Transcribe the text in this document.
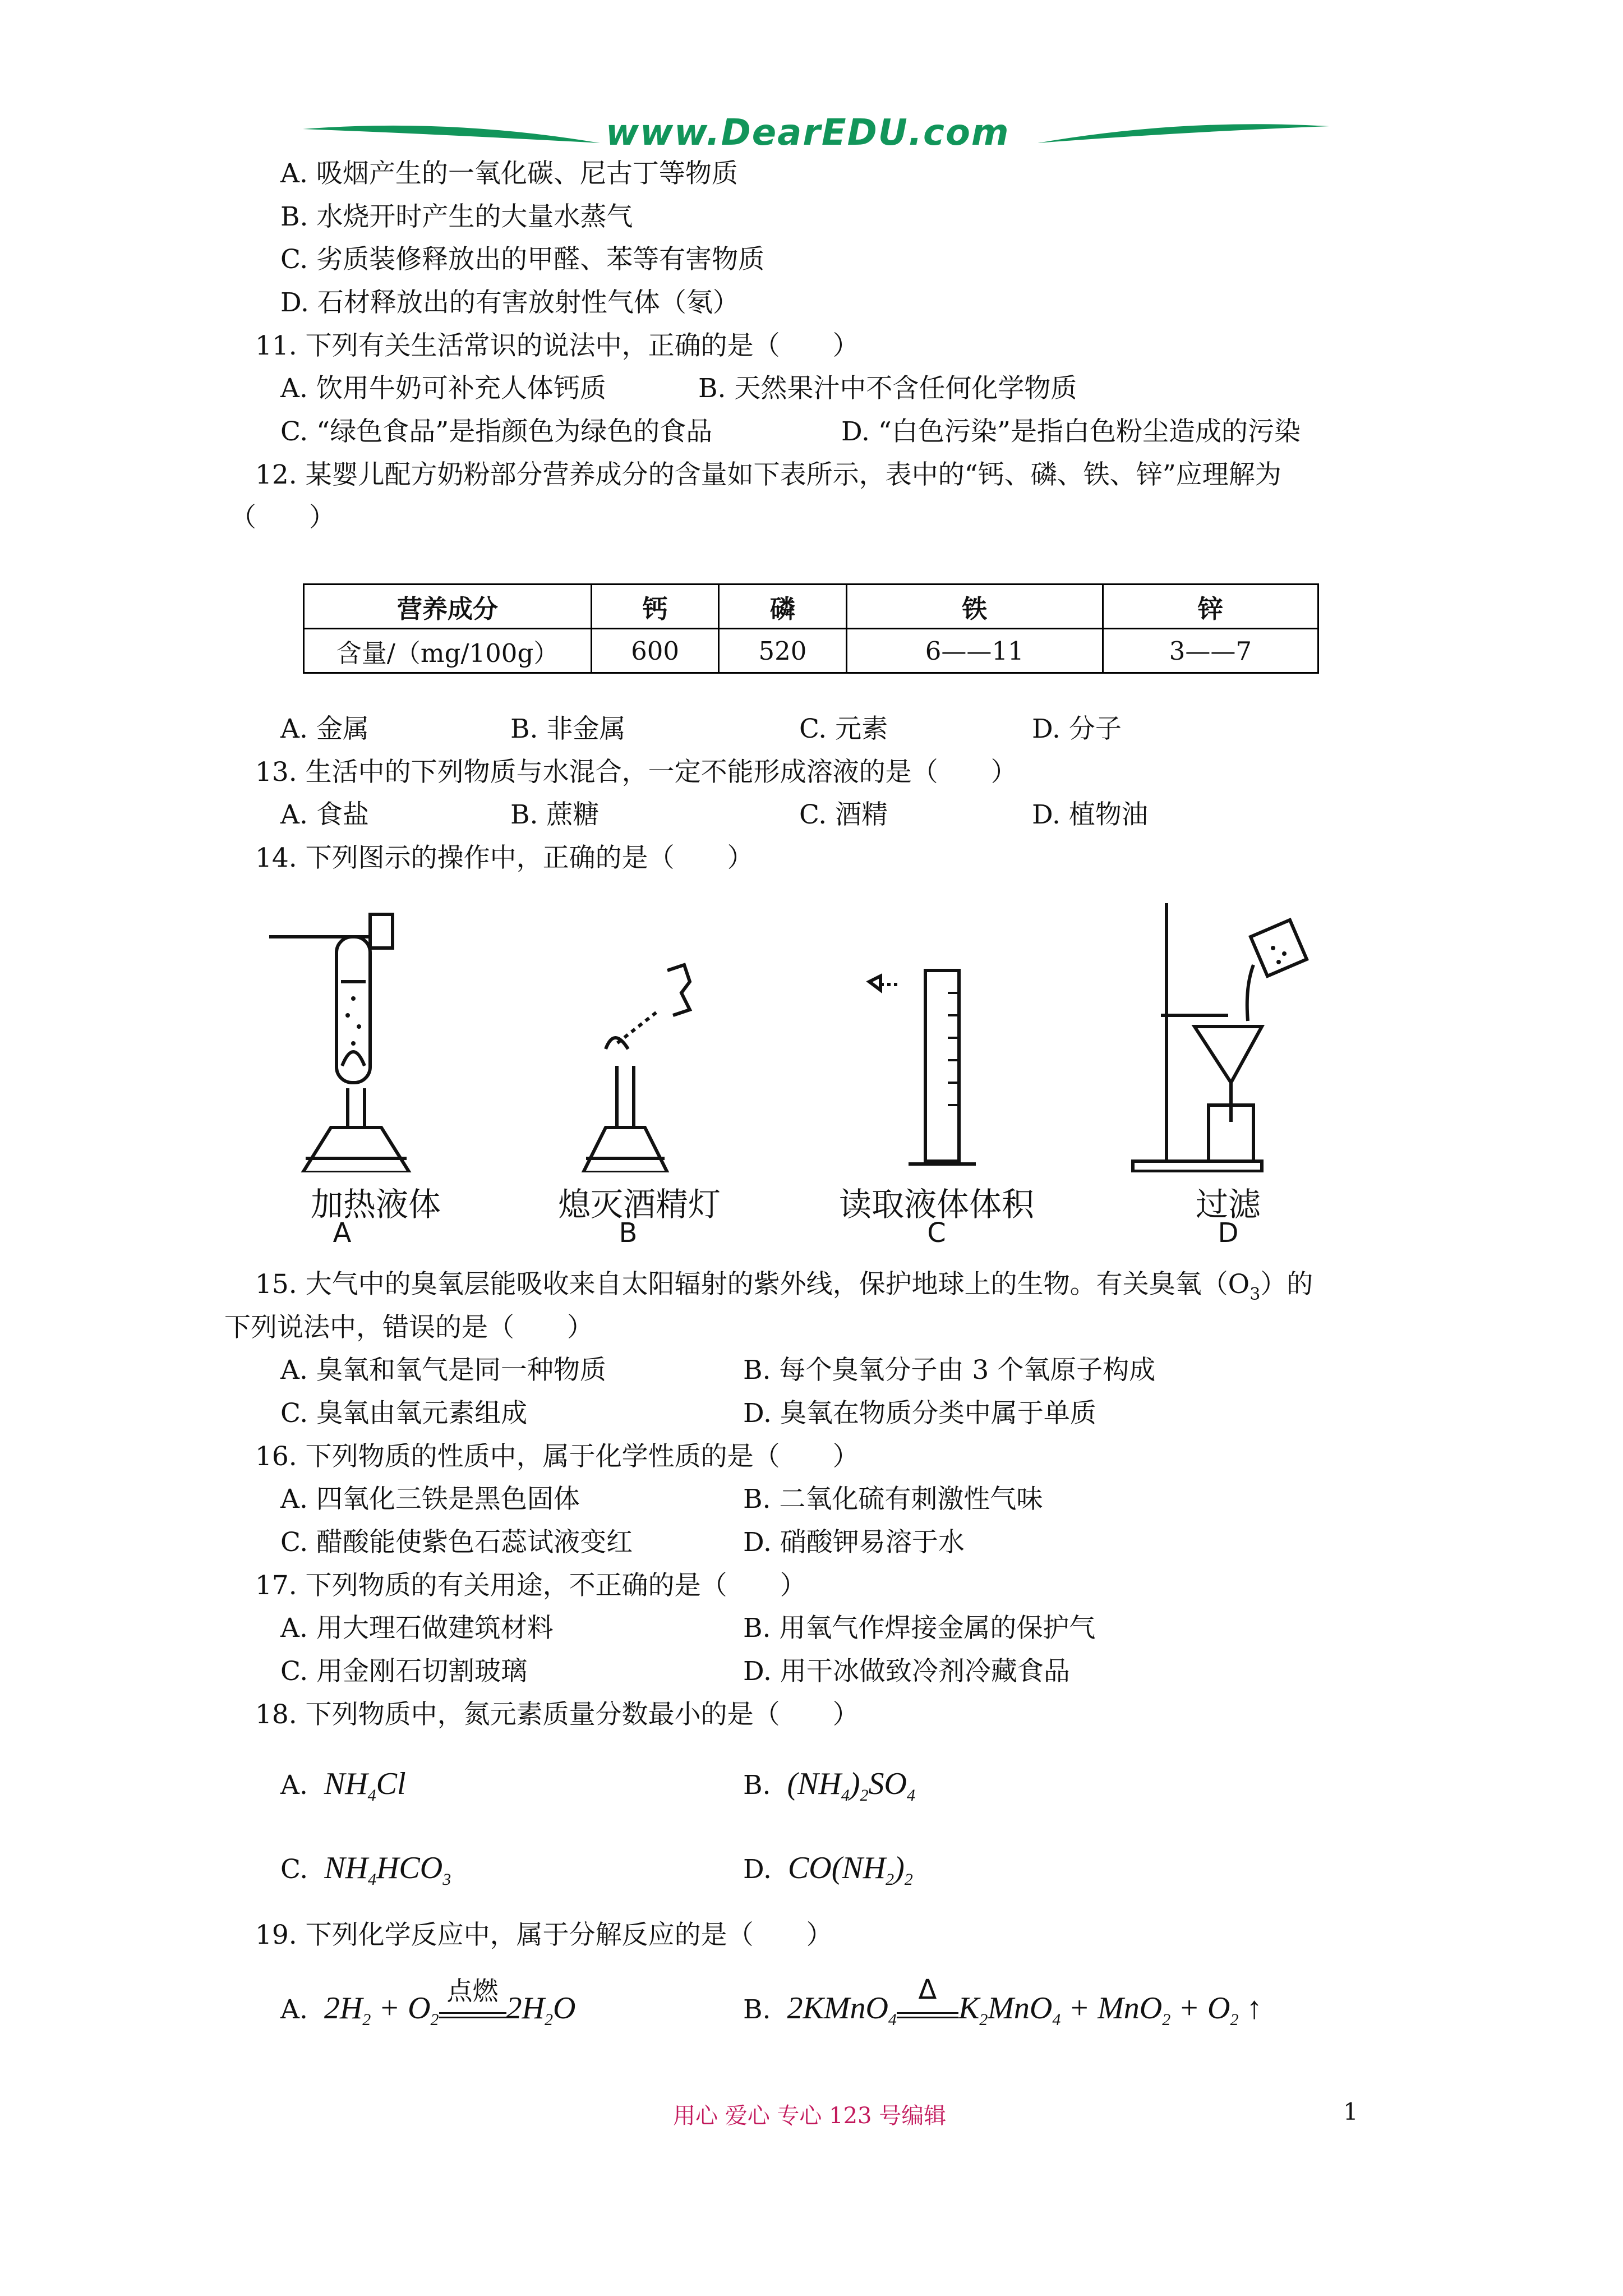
www.DearEDU.com
A. 吸烟产生的一氧化碳、尼古丁等物质
B. 水烧开时产生的大量水蒸气
C. 劣质装修释放出的甲醛、苯等有害物质
D. 石材释放出的有害放射性气体（氡）
11. 下列有关生活常识的说法中，正确的是（　　）
A. 饮用牛奶可补充人体钙质	B. 天然果汁中不含任何化学物质
C. “绿色食品”是指颜色为绿色的食品	D. “白色污染”是指白色粉尘造成的污染
12. 某婴儿配方奶粉部分营养成分的含量如下表所示，表中的“钙、磷、铁、锌”应理解为
（　　）
营养成分	钙	磷	铁	锌
含量/（mg/100g）	600	520	6——11	3——7
A. 金属	B. 非金属	C. 元素	D. 分子
13. 生活中的下列物质与水混合，一定不能形成溶液的是（　　）
A. 食盐	B. 蔗糖	C. 酒精	D. 植物油
14. 下列图示的操作中，正确的是（　　）
加热液体
A
熄灭酒精灯
B
读取液体体积
C
过滤
D
15. 大气中的臭氧层能吸收来自太阳辐射的紫外线，保护地球上的生物。有关臭氧$(O_3)$的
下列说法中，错误的是（　　）
A. 臭氧和氧气是同一种物质	B. 每个臭氧分子由 3 个氧原子构成
C. 臭氧由氧元素组成	D. 臭氧在物质分类中属于单质
16. 下列物质的性质中，属于化学性质的是（　　）
A. 四氧化三铁是黑色固体	B. 二氧化硫有刺激性气味
C. 醋酸能使紫色石蕊试液变红	D. 硝酸钾易溶于水
17. 下列物质的有关用途，不正确的是（　　）
A. 用大理石做建筑材料	B. 用氧气作焊接金属的保护气
C. 用金刚石切割玻璃	D. 用干冰做致冷剂冷藏食品
18. 下列物质中，氮元素质量分数最小的是（　　）
A.  $NH_4Cl$	B.  $(NH_4)_2SO_4$
C.  $NH_4HCO_3$	D.  $CO(NH_2)_2$
19. 下列化学反应中，属于分解反应的是（　　）
A.  $2H_2 + O_2$
点燃 $2H_2O$	B.  2KMnO$_4$
Δ
$K_2MnO_4 + MnO_2 + O_2$ ↑
用心 爱心 专心 123 号编辑	1
